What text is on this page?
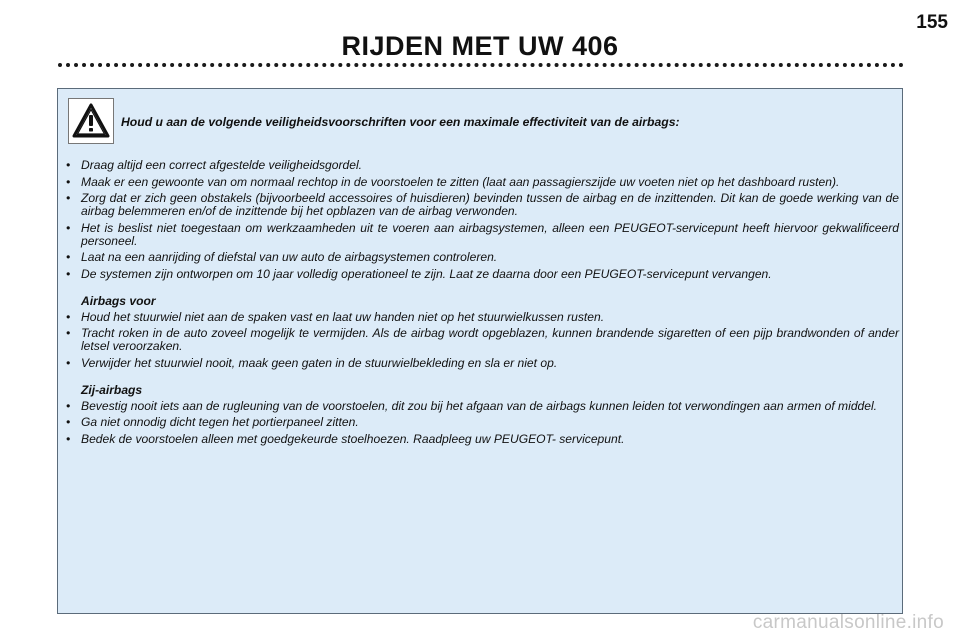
155
RIJDEN MET UW 406
Houd u aan de volgende veiligheidsvoorschriften voor een maximale effectiviteit van de airbags:
• Draag altijd een correct afgestelde veiligheidsgordel.
• Maak er een gewoonte van om normaal rechtop in de voorstoelen te zitten (laat aan passagierszijde uw voeten niet op het dashboard rusten).
• Zorg dat er zich geen obstakels (bijvoorbeeld accessoires of huisdieren) bevinden tussen de airbag en de inzittenden. Dit kan de goede werking van de airbag belemmeren en/of de inzittende bij het opblazen van de airbag verwonden.
• Het is beslist niet toegestaan om werkzaamheden uit te voeren aan airbagsystemen, alleen een PEUGEOT-servicepunt heeft hiervoor gekwalificeerd personeel.
• Laat na een aanrijding of diefstal van uw auto de airbagsystemen controleren.
• De systemen zijn ontworpen om 10 jaar volledig operationeel te zijn. Laat ze daarna door een PEUGEOT-servicepunt vervangen.
Airbags voor
• Houd het stuurwiel niet aan de spaken vast en laat uw handen niet op het stuurwielkussen rusten.
• Tracht roken in de auto zoveel mogelijk te vermijden. Als de airbag wordt opgeblazen, kunnen brandende sigaretten of een pijp brandwonden of ander letsel veroorzaken.
• Verwijder het stuurwiel nooit, maak geen gaten in de stuurwielbekleding en sla er niet op.
Zij-airbags
• Bevestig nooit iets aan de rugleuning van de voorstoelen, dit zou bij het afgaan van de airbags kunnen leiden tot verwondingen aan armen of middel.
• Ga niet onnodig dicht tegen het portierpaneel zitten.
• Bedek de voorstoelen alleen met goedgekeurde stoelhoezen. Raadpleeg uw PEUGEOT- servicepunt.
carmanualsonline.info
